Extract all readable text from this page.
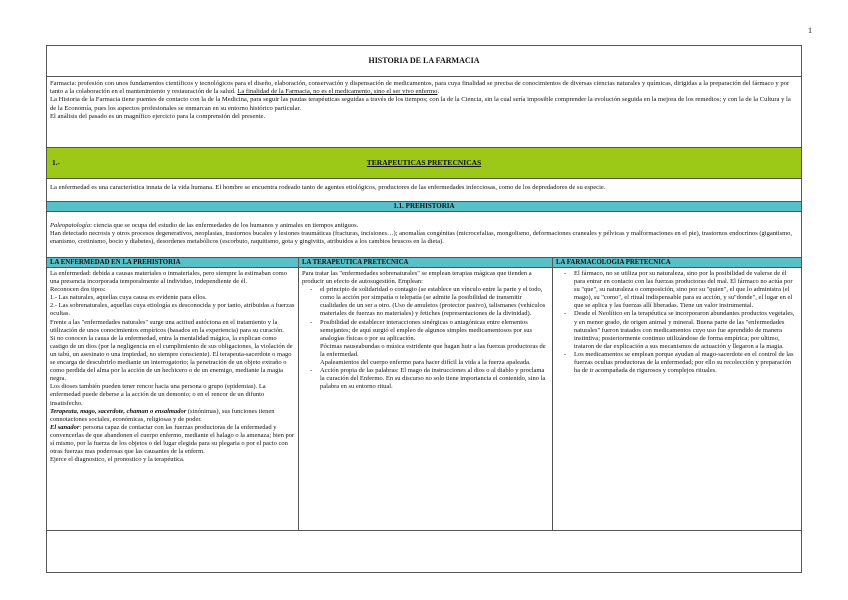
1
HISTORIA DE LA FARMACIA

Farmacia: profesión con unos fundamentos científicos y tecnológicos para el diseño, elaboración, conservación y dispensación de medicamentos, para cuya finalidad se precisa de conocimientos de diversas ciencias naturales y químicas, dirigidas a la preparación del fármaco y por tanto a la colaboración en el mantenimiento y restauración de la salud. La finalidad de la Farmacia, no es el medicamento, sino el ser vivo enfermo.

La Historia de la Farmacia tiene puentes de contacto con la de la Medicina, para seguir las pautas terapéuticas seguidas a través de los tiempos; con la de la Ciencia, sin la cual sería imposible comprender la evolución seguida en la mejora de los remedios; y con la de la Cultura y la de la Economía, pues los aspectos profesionales se enmarcan en su entorno histórico particular.

El análisis del pasado es un magnífico ejercicio para la comprensión del presente.

1.-	TERAPEUTICAS PRETECNICAS
La enfermedad es una característica innata de la vida humana. El hombre se encuentra rodeado tanto de agentes etiológicos, productores de las enfermedades infecciosas, como de los depredadores de su especie.
1.1. PREHISTORIA

Paleopatología: ciencia que se ocupa del estudio de las enfermedades de los humanos y animales en tiempos antiguos.

Han detectado necrosis y otros procesos degenerativos, neoplasias, trastornos bucales y lesiones traumáticas (fracturas, incisiones…); anomalías congénitas (microcefalias, mongolismo, deformaciones craneales y pélvicas y malformaciones en el pie), trastornos endocrinos (gigantismo, enanismo, cretinismo, bocio y diabetes), desordenes metabólicos (escorbuto, raquitismo, gota y gingivitis, atribuidos a los cambios bruscos en la dieta).

LA ENFERMEDAD EN LA PREHISTORIA

La enfermedad: debida a causas materiales o inmateriales, pero siempre la estimaban como una presencia incorporada temporalmente al individuo, independiente de él.

Reconocen dos tipos:

1.- Las naturales, aquellas cuya causa es evidente para ellos.

2.- Las sobrenaturales, aquellas cuya etiología es desconocida y por tanto, atribuidas a fuerzas ocultas.

Frente a las "enfermedades naturales" surge una actitud autóctona en el tratamiento y la utilización de unos conocimientos empíricos (basados en la experiencia) para su curación.

Si no conocen la causa de la enfermedad, entra la mentalidad mágica, la explican como castigo de un dios (por la negligencia en el cumplimiento de sus obligaciones, la violación de un tabú, un asesinato o una impiedad, no siempre consciente). El terapeuta-sacerdote o mago se encarga de descubrirlo mediante un interrogatorio; la penetración de un objeto extraño o como perdida del alma por la acción de un hechicero o de un enemigo, mediante la magia negra.

Los dioses también pueden tener rencor hacia una persona o grupo (epidemias). La enfermedad puede deberse a la acción de un demonio; o en el rencor de un difunto insatisfecho.

Terapeuta, mago, sacerdote, chaman o ensalmador (sinónimas), sus funciones tienen connotaciones sociales, económicas, religiosas y de poder.

El sanador: persona capaz de contactar con las fuerzas productoras de la enfermedad y convencerlas de que abandonen el cuerpo enfermo, mediante el halago o la amenaza; bien por sí mismo, por la fuerza de los objetos o del lugar elegida para su plegaria o por el pacto con otras fuerzas mas poderosas que las causantes de la enferm.

Ejerce el diagnostico, el pronostico y la terapéutica.

LA TERAPEUTICA PRETECNICA

Para tratar las "enfermedades sobrenaturales" se emplean terapias mágicas que tienden a producir un efecto de autosugestión. Emplean:

- el principio de solidaridad o contagio (se establece un vínculo entre la parte y el todo, como la acción por simpatía o telepatía (se admite la posibilidad de transmitir cualidades de un ser a otro. (Uso de amuletos (protector pasivo), talismanes (vehículos materiales de fuerzas no materiales) y fetiches (representaciones de la divinidad).

- Posibilidad de establecer interacciones sinérgicas o antagónicas entre elementos semejantes; de aquí surgió el empleo de algunos simples medicamentosos por sus analogías físicas o por su aplicación.

Pócimas nauseabundas o música estridente que hagan huir a las fuerzas productoras de la enfermedad.

Apaleamientos del cuerpo enfermo para hacer difícil la vida a la fuerza apaleada.

- Acción propia de las palabras: El mago da instrucciones al dios o al diablo y proclama la curación del Enfermo. En su discurso no solo tiene importancia el contenido, sino la palabra en su entorno ritual.

LA FARMACOLOGIA PRETECNICA

- El fármaco, no se utiliza por su naturaleza, sino por la posibilidad de valerse de él para entrar en contacto con las fuerzas productoras del mal. El fármaco no actúa por su "que", su naturaleza o composición, sino por su "quien", el que lo administra (el mago), su "como", el ritual indispensable para su acción, y su"donde", el lugar en el que se aplica y las fuerzas allí liberadas. Tiene un valor instrumental.

- Desde el Neolítico en la terapéutica se incorporaron abundantes productos vegetales, y en menor grado, de origen animal y mineral. Buena parte de las "enfermedades naturales" fueron tratados con medicamentos cuyo uso fue aprendido de manera instintiva; posteriormente continuo utilizándose de forma empírica; por ultimo, trataron de dar explicación a sus mecanismos de actuación y llegaron a la magia.

- Los medicamentos se emplean porque ayudan al mago-sacerdote en el control de las fuerzas ocultas productoras de la enfermedad; por ello su recolección y preparación ha de ir acompañada de rigurosos y complejos rituales.
